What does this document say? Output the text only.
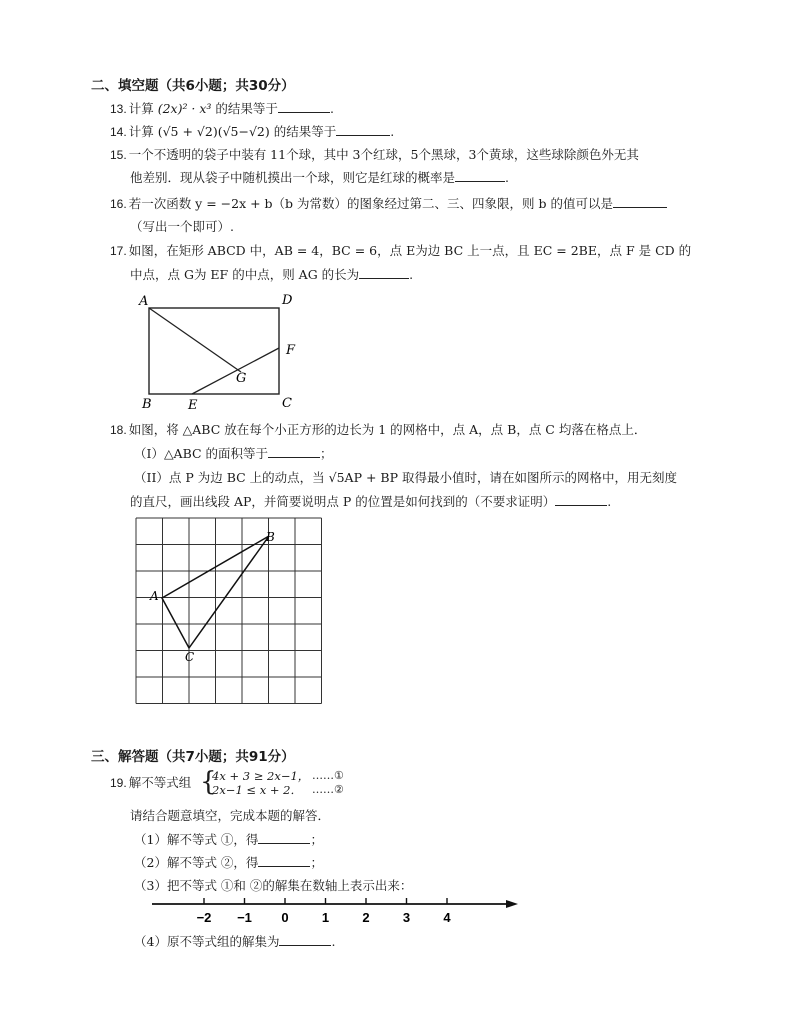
二、填空题（共6小题；共30分）
13. 计算 (2x)² · x³ 的结果等于	.
14. 计算 (√5 + √2)(√5−√2) 的结果等于	.
15. 一个不透明的袋子中装有 11个球，其中 3个红球，5个黑球，3个黄球，这些球除颜色外无其
他差别．现从袋子中随机摸出一个球，则它是红球的概率是	.
16. 若一次函数 y = −2x + b（b 为常数）的图象经过第二、三、四象限，则 b 的值可以是
（写出一个即可）.
17. 如图，在矩形 ABCD 中，AB = 4，BC = 6，点 E为边 BC 上一点，且 EC = 2BE，点 F 是 CD 的
中点，点 G为 EF 的中点，则 AG 的长为	.
A	D
F
G
B	E	C
18. 如图，将 △ABC 放在每个小正方形的边长为 1 的网格中，点 A，点 B，点 C 均落在格点上．
（I）△ABC 的面积等于	；
（II）点 P 为边 BC 上的动点，当 √5AP + BP 取得最小值时，请在如图所示的网格中，用无刻度
的直尺，画出线段 AP，并简要说明点 P 的位置是如何找到的（不要求证明）	.
A
B
C
三、解答题（共7小题；共91分）
19. 解不等式组 {
4x + 3 ≥ 2x−1，
2x−1 ≤ x + 2．
……①
……②
请结合题意填空，完成本题的解答．
（1）解不等式 ①，得	；
（2）解不等式 ②，得	；
（3）把不等式 ①和 ②的解集在数轴上表示出来：
−2 −1 0	1	2	3	4
（4）原不等式组的解集为	.
